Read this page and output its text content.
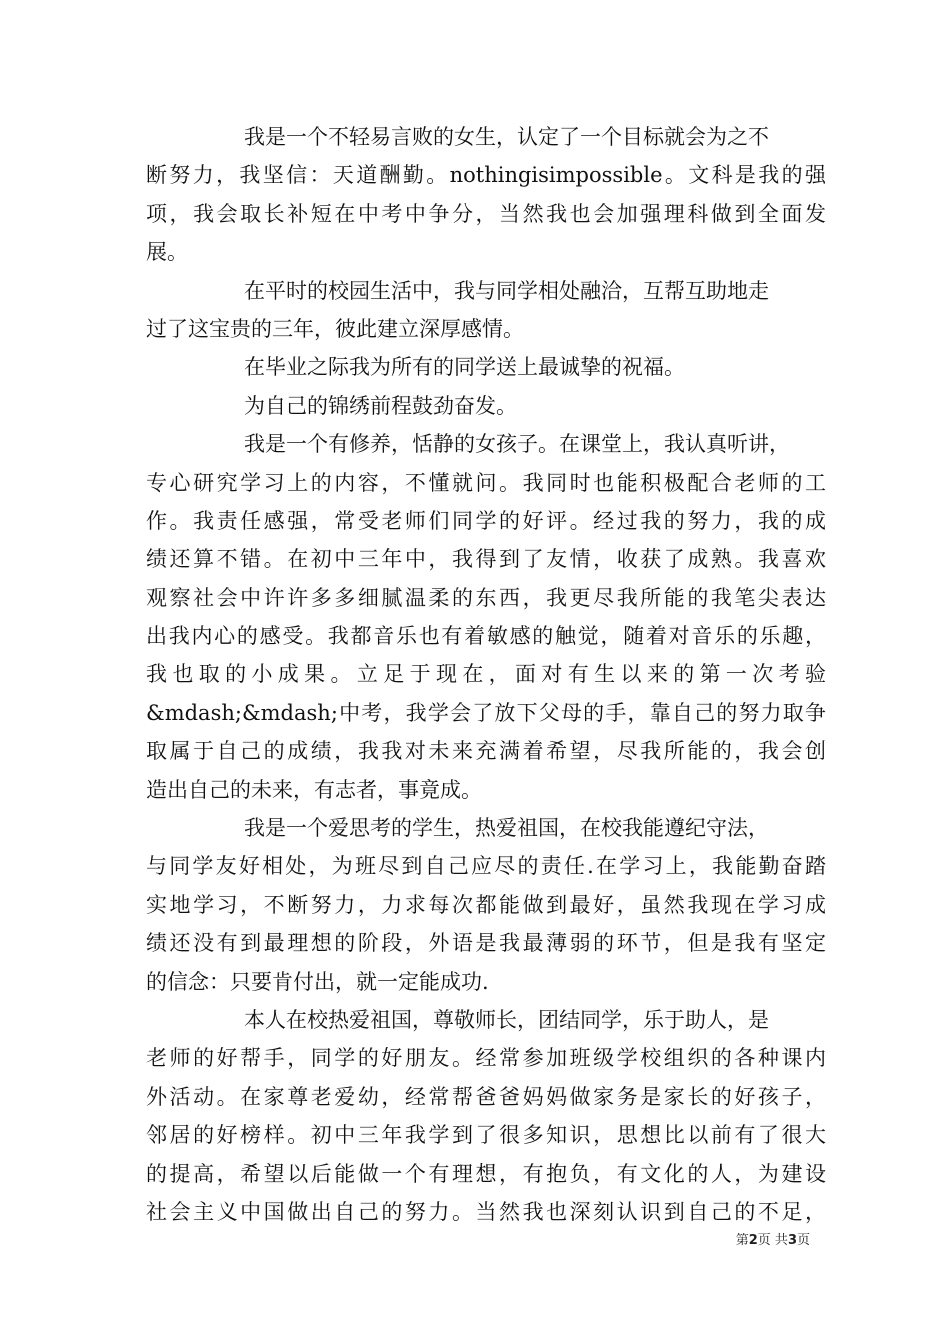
我是一个不轻易言败的女生，认定了一个目标就会为之不
断努力，我坚信：天道酬勤。nothingisimpossible。文科是我的强
项，我会取长补短在中考中争分，当然我也会加强理科做到全面发
展。
在平时的校园生活中，我与同学相处融洽，互帮互助地走
过了这宝贵的三年，彼此建立深厚感情。
在毕业之际我为所有的同学送上最诚挚的祝福。
为自己的锦绣前程鼓劲奋发。
我是一个有修养，恬静的女孩子。在课堂上，我认真听讲，
专心研究学习上的内容，不懂就问。我同时也能积极配合老师的工
作。我责任感强，常受老师们同学的好评。经过我的努力，我的成
绩还算不错。在初中三年中，我得到了友情，收获了成熟。我喜欢
观察社会中许许多多细腻温柔的东西，我更尽我所能的我笔尖表达
出我内心的感受。我都音乐也有着敏感的触觉，随着对音乐的乐趣，
我也取的小成果。立足于现在，面对有生以来的第一次考验
&mdash;&mdash;中考，我学会了放下父母的手，靠自己的努力取争
取属于自己的成绩，我我对未来充满着希望，尽我所能的，我会创
造出自己的未来，有志者，事竟成。
我是一个爱思考的学生，热爱祖国，在校我能遵纪守法，
与同学友好相处，为班尽到自己应尽的责任.在学习上，我能勤奋踏
实地学习，不断努力，力求每次都能做到最好，虽然我现在学习成
绩还没有到最理想的阶段，外语是我最薄弱的环节，但是我有坚定
的信念：只要肯付出，就一定能成功.
本人在校热爱祖国，尊敬师长，团结同学，乐于助人，是
老师的好帮手，同学的好朋友。经常参加班级学校组织的各种课内
外活动。在家尊老爱幼，经常帮爸爸妈妈做家务是家长的好孩子，
邻居的好榜样。初中三年我学到了很多知识，思想比以前有了很大
的提高，希望以后能做一个有理想，有抱负，有文化的人，为建设
社会主义中国做出自己的努力。当然我也深刻认识到自己的不足，
第2页 共3页
